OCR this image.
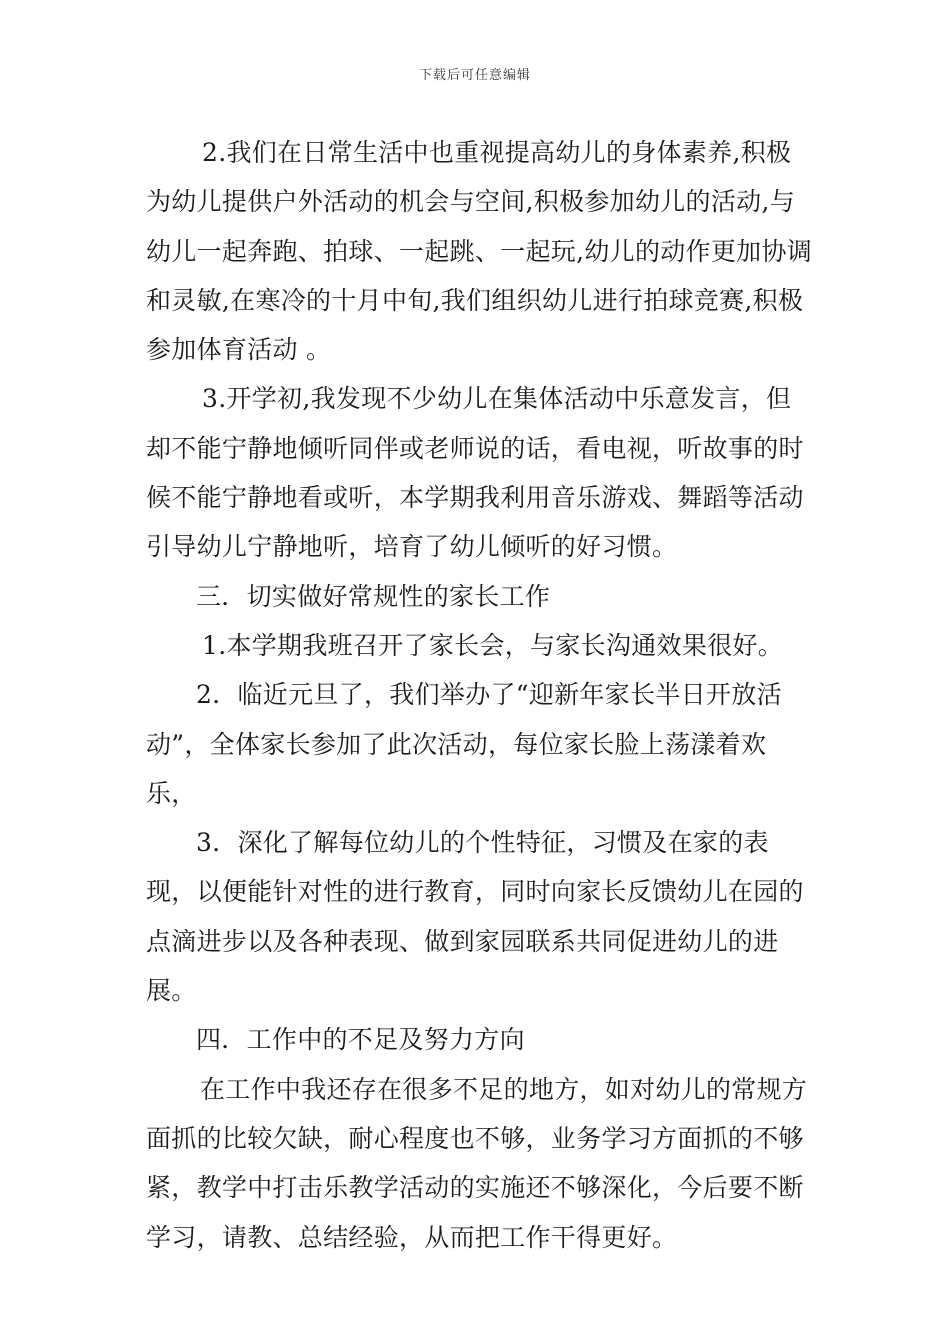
下载后可任意编辑

2.我们在日常生活中也重视提高幼儿的身体素养,积极为幼儿提供户外活动的机会与空间,积极参加幼儿的活动,与幼儿一起奔跑、拍球、一起跳、一起玩,幼儿的动作更加协调和灵敏,在寒冷的十月中旬,我们组织幼儿进行拍球竞赛,积极参加体育活动 。

3.开学初,我发现不少幼儿在集体活动中乐意发言，但却不能宁静地倾听同伴或老师说的话，看电视，听故事的时候不能宁静地看或听，本学期我利用音乐游戏、舞蹈等活动引导幼儿宁静地听，培育了幼儿倾听的好习惯。

三．切实做好常规性的家长工作

1.本学期我班召开了家长会，与家长沟通效果很好。

2．临近元旦了，我们举办了“迎新年家长半日开放活动”，全体家长参加了此次活动，每位家长脸上荡漾着欢乐，

3．深化了解每位幼儿的个性特征，习惯及在家的表现，以便能针对性的进行教育，同时向家长反馈幼儿在园的点滴进步以及各种表现、做到家园联系共同促进幼儿的进展。

四．工作中的不足及努力方向

在工作中我还存在很多不足的地方，如对幼儿的常规方面抓的比较欠缺，耐心程度也不够，业务学习方面抓的不够紧，教学中打击乐教学活动的实施还不够深化，今后要不断学习，请教、总结经验，从而把工作干得更好。
